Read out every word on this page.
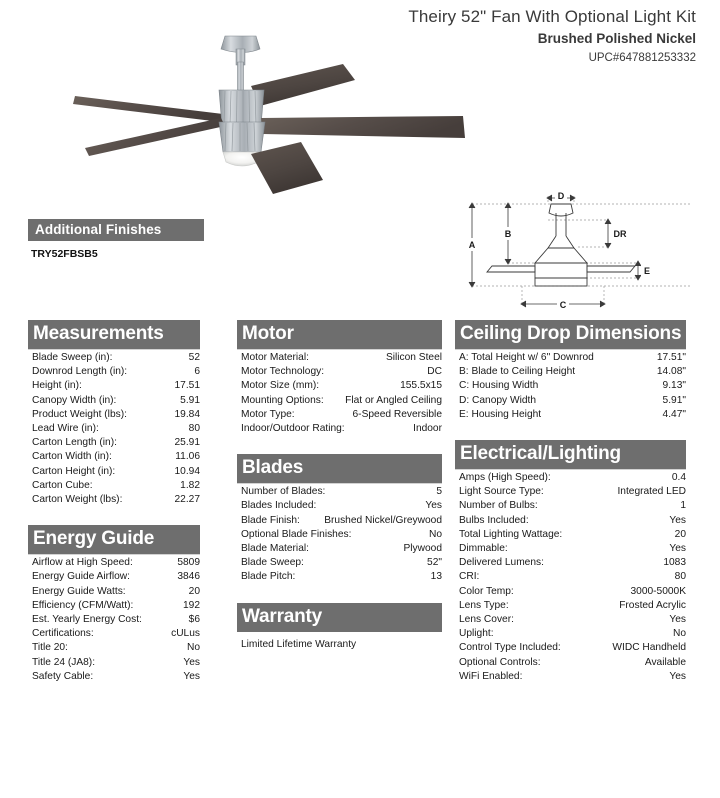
Theiry 52" Fan With Optional Light Kit
Brushed Polished Nickel
UPC#647881253332
A
B
C
D
DR
E
Additional Finishes
TRY52FBSB5
Measurements
Blade Sweep (in):	52
Downrod Length (in):	6
Height (in):	17.51
Canopy Width (in):	5.91
Product Weight (lbs):	19.84
Lead Wire (in):	80
Carton Length (in):	25.91
Carton Width (in):	11.06
Carton Height (in):	10.94
Carton Cube:	1.82
Carton Weight (lbs):	22.27
Energy Guide
Airflow at High Speed:	5809
Energy Guide Airflow:	3846
Energy Guide Watts:	20
Efficiency (CFM/Watt):	192
Est. Yearly Energy Cost:	$6
Certifications:	cULus
Title 20:	No
Title 24 (JA8):	Yes
Safety Cable:	Yes
Motor
Motor Material:	Silicon Steel
Motor Technology:	DC
Motor Size (mm):	155.5x15
Mounting Options:	Flat or Angled Ceiling
Motor Type:	6-Speed Reversible
Indoor/Outdoor Rating:	Indoor
Blades
Number of Blades:	5
Blades Included:	Yes
Blade Finish:	Brushed Nickel/Greywood
Optional Blade Finishes:	No
Blade Material:	Plywood
Blade Sweep:	52"
Blade Pitch:	13
Warranty
Limited Lifetime Warranty
Ceiling Drop Dimensions
A: Total Height w/ 6" Downrod	17.51"
B: Blade to Ceiling Height	14.08"
C: Housing Width	9.13"
D: Canopy Width	5.91"
E: Housing Height	4.47"
Electrical/Lighting
Amps (High Speed):	0.4
Light Source Type:	Integrated LED
Number of Bulbs:	1
Bulbs Included:	Yes
Total Lighting Wattage:	20
Dimmable:	Yes
Delivered Lumens:	1083
CRI:	80
Color Temp:	3000-5000K
Lens Type:	Frosted Acrylic
Lens Cover:	Yes
Uplight:	No
Control Type Included:	WIDC Handheld
Optional Controls:	Available
WiFi Enabled:	Yes
